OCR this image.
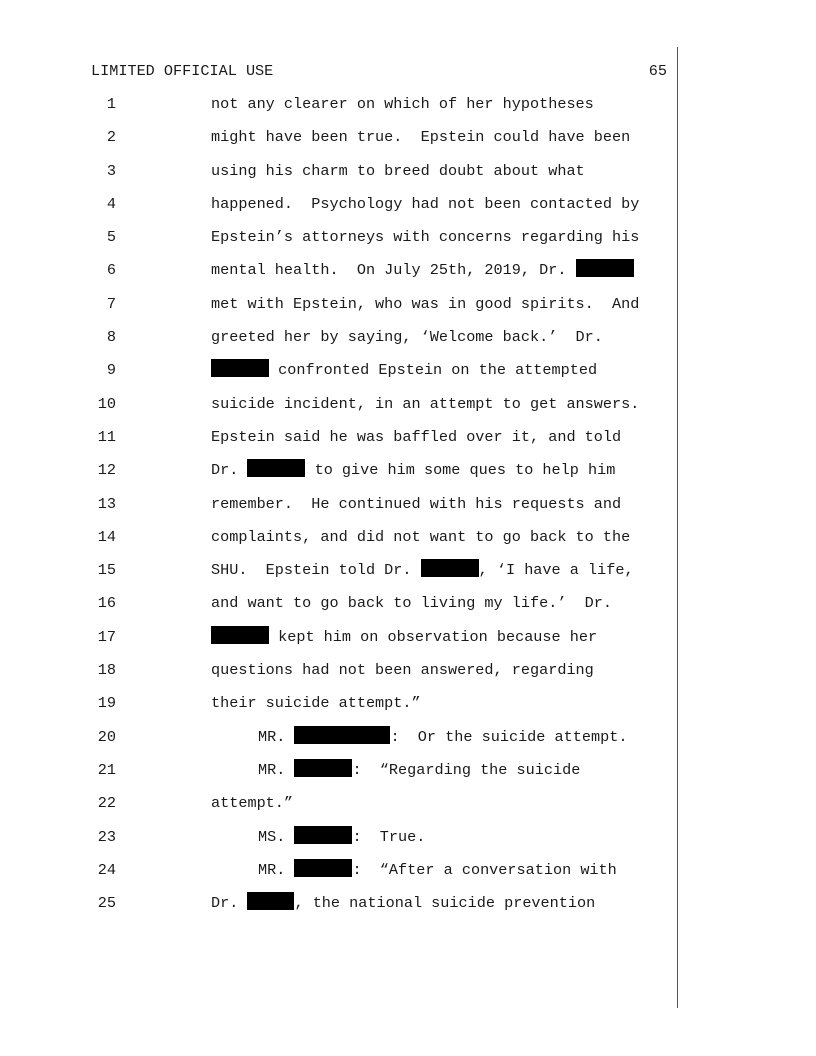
LIMITED OFFICIAL USE	65
1	not any clearer on which of her hypotheses
2	might have been true.  Epstein could have been
3	using his charm to breed doubt about what
4	happened.  Psychology had not been contacted by
5	Epstein’s attorneys with concerns regarding his
6	mental health.  On July 25th, 2019, Dr.
7	met with Epstein, who was in good spirits.  And
8	greeted her by saying, ‘Welcome back.’  Dr.
9	confronted Epstein on the attempted
10	suicide incident, in an attempt to get answers.
11	Epstein said he was baffled over it, and told
12	Dr.	to give him some ques to help him
13	remember.  He continued with his requests and
14	complaints, and did not want to go back to the
15	SHU.  Epstein told Dr.	, ‘I have a life,
16	and want to go back to living my life.’  Dr.
17	kept him on observation because her
18	questions had not been answered, regarding
19	their suicide attempt.”
20	MR.	:  Or the suicide attempt.
21	MR.	:  “Regarding the suicide
22	attempt.”
23	MS.	:  True.
24	MR.	:  “After a conversation with
25	Dr.	, the national suicide prevention
